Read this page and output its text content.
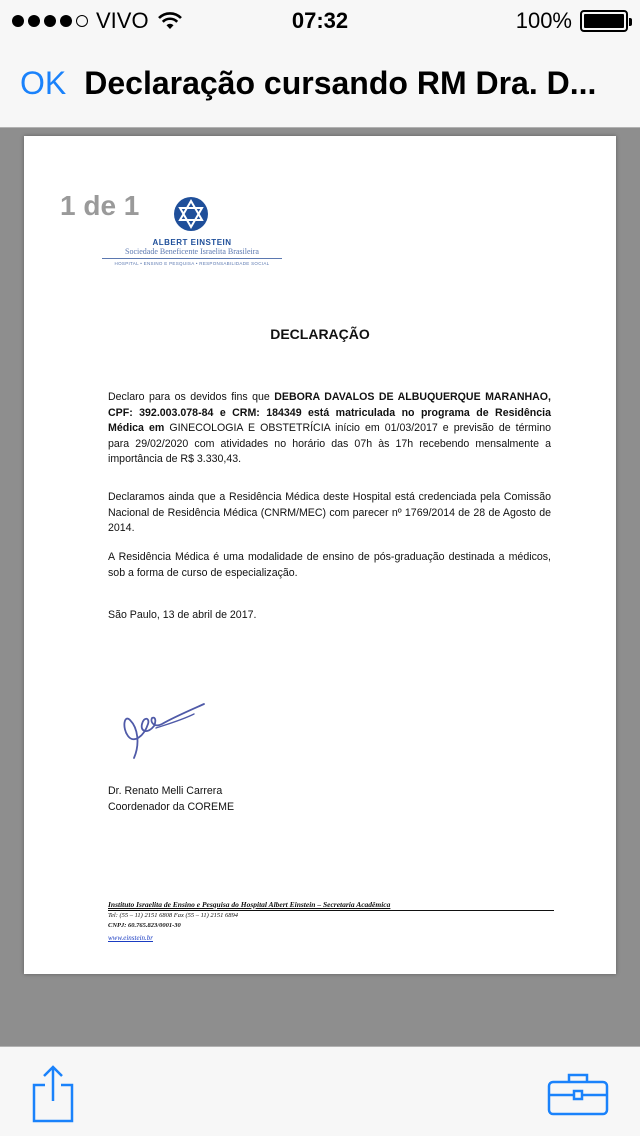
VIVO	07:32	100%
OK Declaração cursando RM Dra. D...
1 de 1
ALBERT EINSTEIN
Sociedade Beneficente Israelita Brasileira
HOSPITAL • ENSINO E PESQUISA • RESPONSABILIDADE SOCIAL
DECLARAÇÃO

Declaro para os devidos fins que DEBORA DAVALOS DE ALBUQUERQUE MARANHAO, CPF: 392.003.078-84 e CRM: 184349 está matriculada no programa de Residência Médica em GINECOLOGIA E OBSTETRÍCIA início em 01/03/2017 e previsão de término para 29/02/2020 com atividades no horário das 07h às 17h recebendo mensalmente a importância de R$ 3.330,43.

Declaramos ainda que a Residência Médica deste Hospital está credenciada pela Comissão Nacional de Residência Médica (CNRM/MEC) com parecer nº 1769/2014 de 28 de Agosto de 2014.

A Residência Médica é uma modalidade de ensino de pós-graduação destinada a médicos, sob a forma de curso de especialização.

São Paulo, 13 de abril de 2017.

Dr. Renato Melli Carrera
Coordenador da COREME
Instituto Israelita de Ensino e Pesquisa do Hospital Albert Einstein – Secretaria Acadêmica
Tel: (55 – 11) 2151 6808 Fax (55 – 11) 2151 6894
CNPJ: 60.765.823/0001-30
www.einstein.br
